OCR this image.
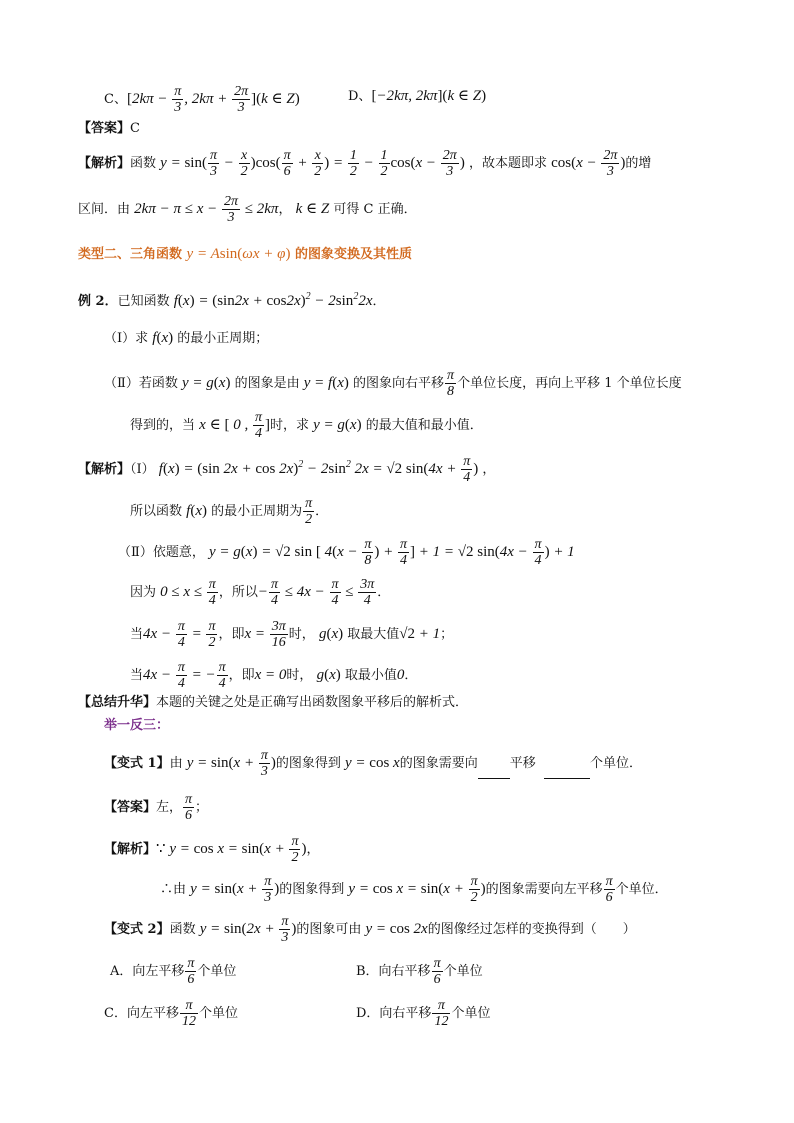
C、[$2k\pi - \frac{\pi}{3}$ , $2k\pi + \frac{2\pi}{3} ](k$ ∈ Z)	D、[−2kπ, 2kπ](k ∈ Z)
【答案】C
【解析】函数 $y = \sin( \frac{\pi}{3} - \frac{x}{2} )\cos( \frac{\pi}{6} + \frac{x}{2}$ ) = $\frac{1}{2} - \frac{1}{2} \cos(x - \frac{2\pi}{3}$ ) ，故本题即求 $\cos(x - \frac{2\pi}{3}$ )的增
区间．由 $2k\pi - \pi \le x - \frac{2\pi}{3} \le 2k\pi$， k ∈ Z 可得 C 正确．
类型二、三角函数 y = Asin(ωx + φ) 的图象变换及其性质
例 2．已知函数 $f(x) = (\sin 2x + \cos 2x)^2 - 2\sin^22x$．
（Ⅰ）求 f(x) 的最小正周期；
（Ⅱ）若函数 y = g(x) 的图象是由 y = f(x) 的图象向右平移 $\frac{\pi}{8}$ 个单位长度，再向上平移 1 个单位长度
得到的，当 x ∈ [ 0 , $\frac{\pi}{4}$ ]时，求 y = g(x) 的最大值和最小值．
【解析】（Ⅰ） f(x) = (sin $2x + \cos 2x)^2 - 2\sin^2$ 2x = √2 $\sin(4x + \frac{\pi}{4}$ ) ，
所以函数 f(x) 的最小正周期为 $\frac{\pi}{2}$ ．
（Ⅱ）依题意， y = g(x) = √2 sin [ $4(x - \frac{\pi}{8}$ ) + $\frac{\pi}{4}$ ] + 1 = √2 $\sin(4x - \frac{\pi}{4}$ ) + 1
因为 $0 \le x \le \frac{\pi}{4}$ ，所以− $\frac{\pi}{4} \le 4x - \frac{\pi}{4} \le \frac{3\pi}{4}$ ．
当$4x - \frac{\pi}{4} = \frac{\pi}{2}$ ，即$x = \frac{3\pi}{16}$ 时， g(x) 取最大值√2 + 1；
当$4x - \frac{\pi}{4}$ = − $\frac{\pi}{4}$ ，即x = 0时， g(x) 取最小值0．
【总结升华】本题的关键之处是正确写出函数图象平移后的解析式．
举一反三：
【变式 1】由 $y = \sin(x + \frac{\pi}{3}$ )的图象得到 y = cos x的图象需要向 平移	个单位．
【答案】左， $\frac{\pi}{6}$ ；
【解析】∵ $y = \cos x = \sin(x + \frac{\pi}{2}$ )，
∴由 $y = \sin(x + \frac{\pi}{3}$ )的图象得到 $y = \cos x = \sin(x + \frac{\pi}{2}$ )的图象需要向左平移 $\frac{\pi}{6}$ 个单位．
【变式 2】函数 $y = \sin(2x + \frac{\pi}{3}$ )的图象可由 y = cos 2x的图像经过怎样的变换得到（　　）
A．向左平移 $\frac{\pi}{6}$ 个单位	B．向右平移 $\frac{\pi}{6}$ 个单位
C．向左平移 $\frac{\pi}{12}$ 个单位	D．向右平移 $\frac{\pi}{12}$ 个单位
